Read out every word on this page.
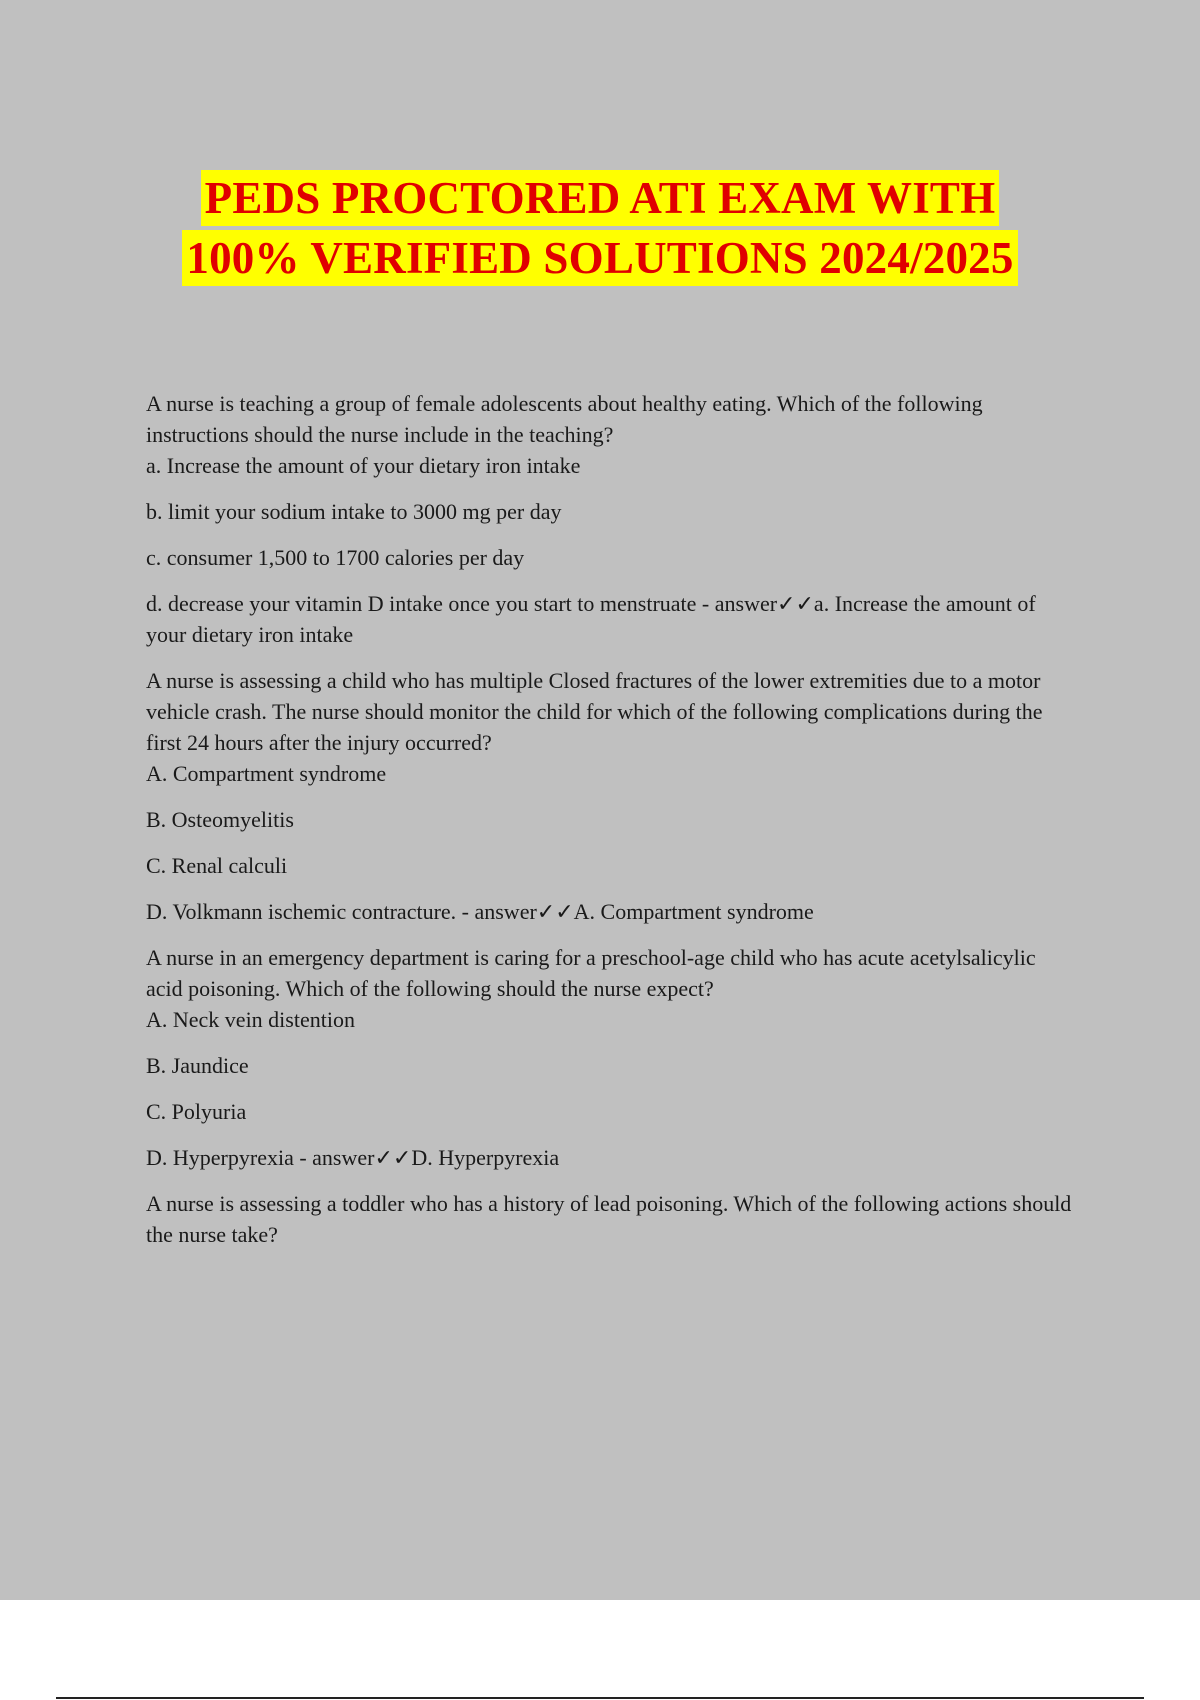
PEDS PROCTORED ATI EXAM WITH
100% VERIFIED SOLUTIONS 2024/2025

A nurse is teaching a group of female adolescents about healthy eating. Which of the following instructions should the nurse include in the teaching?

a. Increase the amount of your dietary iron intake

b. limit your sodium intake to 3000 mg per day

c. consumer 1,500 to 1700 calories per day

d. decrease your vitamin D intake once you start to menstruate - answer✓✓a. Increase the amount of your dietary iron intake

A nurse is assessing a child who has multiple Closed fractures of the lower extremities due to a motor vehicle crash. The nurse should monitor the child for which of the following complications during the first 24 hours after the injury occurred?

A. Compartment syndrome

B. Osteomyelitis

C. Renal calculi

D. Volkmann ischemic contracture. - answer✓✓A. Compartment syndrome

A nurse in an emergency department is caring for a preschool-age child who has acute acetylsalicylic acid poisoning. Which of the following should the nurse expect?

A. Neck vein distention

B. Jaundice

C. Polyuria

D. Hyperpyrexia - answer✓✓D. Hyperpyrexia

A nurse is assessing a toddler who has a history of lead poisoning. Which of the following actions should the nurse take?
